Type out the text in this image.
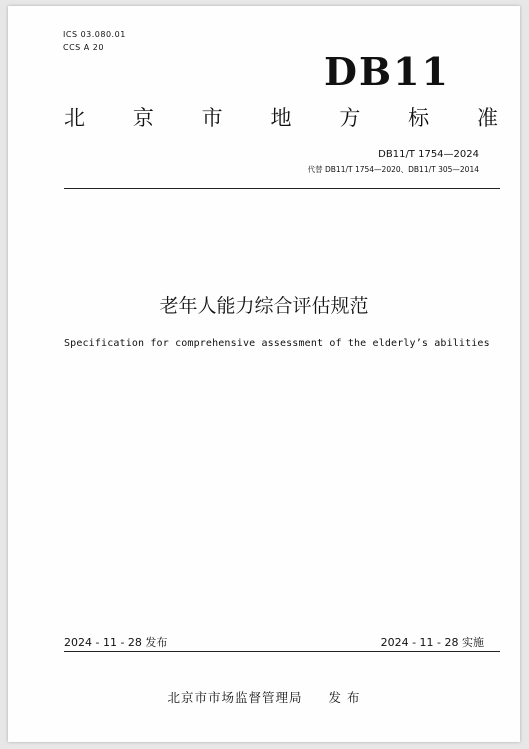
ICS 03.080.01
CCS A 20
DB11
北 京 市 地 方 标 准
DB11/T 1754—2024
代替 DB11/T 1754—2020、DB11/T 305—2014
老年人能力综合评估规范
Specification for comprehensive assessment of the elderly’s abilities
2024 - 11 - 28 发布	2024 - 11 - 28 实施
北京市市场监督管理局 发 布
